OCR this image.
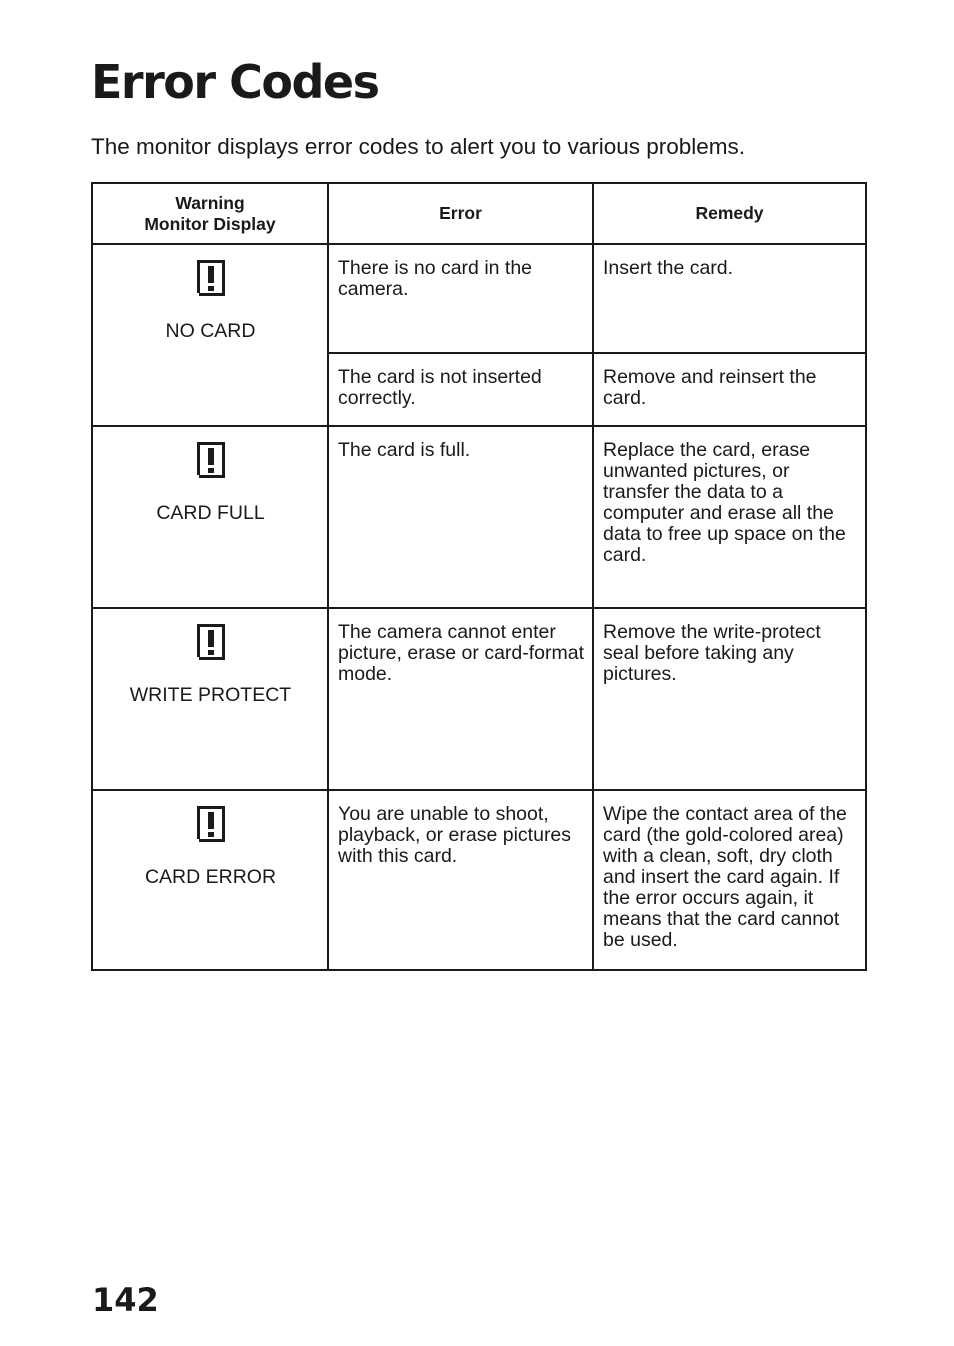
Error Codes

The monitor displays error codes to alert you to various problems.

Warning
Monitor Display	Error	Remedy

NO CARD	There is no card in the camera.	Insert the card.
	The card is not inserted correctly.	Remove and reinsert the card.

CARD FULL	The card is full.	Replace the card, erase unwanted pictures, or transfer the data to a computer and erase all the data to free up space on the card.

WRITE PROTECT	The camera cannot enter picture, erase or card-format mode.	Remove the write-protect seal before taking any pictures.

CARD ERROR	You are unable to shoot, playback, or erase pictures with this card.	Wipe the contact area of the card (the gold-colored area) with a clean, soft, dry cloth and insert the card again. If the error occurs again, it means that the card cannot be used.
142
